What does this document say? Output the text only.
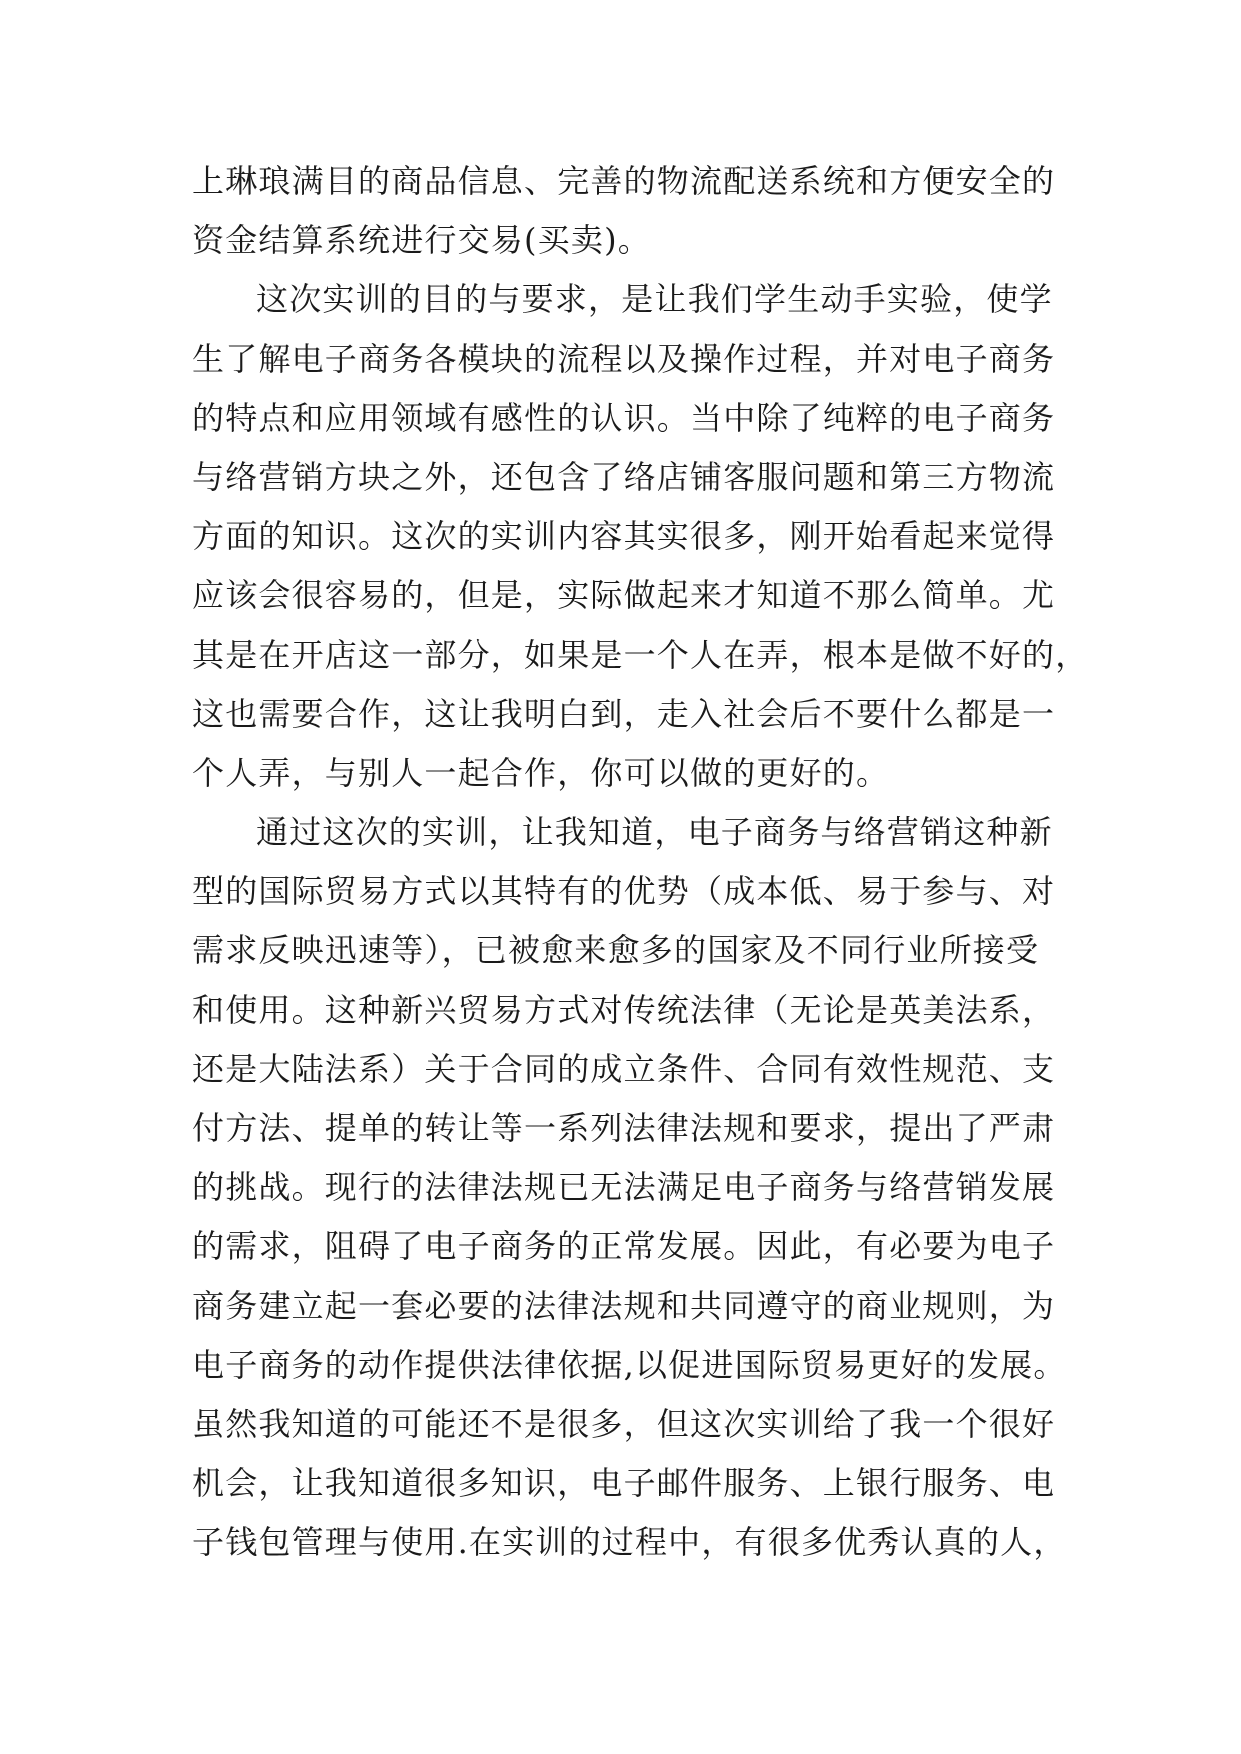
上琳琅满目的商品信息、完善的物流配送系统和方便安全的
资金结算系统进行交易(买卖)。
这次实训的目的与要求，是让我们学生动手实验，使学
生了解电子商务各模块的流程以及操作过程，并对电子商务
的特点和应用领域有感性的认识。当中除了纯粹的电子商务
与络营销方块之外，还包含了络店铺客服问题和第三方物流
方面的知识。这次的实训内容其实很多，刚开始看起来觉得
应该会很容易的，但是，实际做起来才知道不那么简单。尤
其是在开店这一部分，如果是一个人在弄，根本是做不好的，
这也需要合作，这让我明白到，走入社会后不要什么都是一
个人弄，与别人一起合作，你可以做的更好的。
通过这次的实训，让我知道，电子商务与络营销这种新
型的国际贸易方式以其特有的优势（成本低、易于参与、对
需求反映迅速等），已被愈来愈多的国家及不同行业所接受
和使用。这种新兴贸易方式对传统法律（无论是英美法系，
还是大陆法系）关于合同的成立条件、合同有效性规范、支
付方法、提单的转让等一系列法律法规和要求，提出了严肃
的挑战。现行的法律法规已无法满足电子商务与络营销发展
的需求，阻碍了电子商务的正常发展。因此，有必要为电子
商务建立起一套必要的法律法规和共同遵守的商业规则，为
电子商务的动作提供法律依据,以促进国际贸易更好的发展。
虽然我知道的可能还不是很多，但这次实训给了我一个很好
机会，让我知道很多知识，电子邮件服务、上银行服务、电
子钱包管理与使用.在实训的过程中，有很多优秀认真的人，
